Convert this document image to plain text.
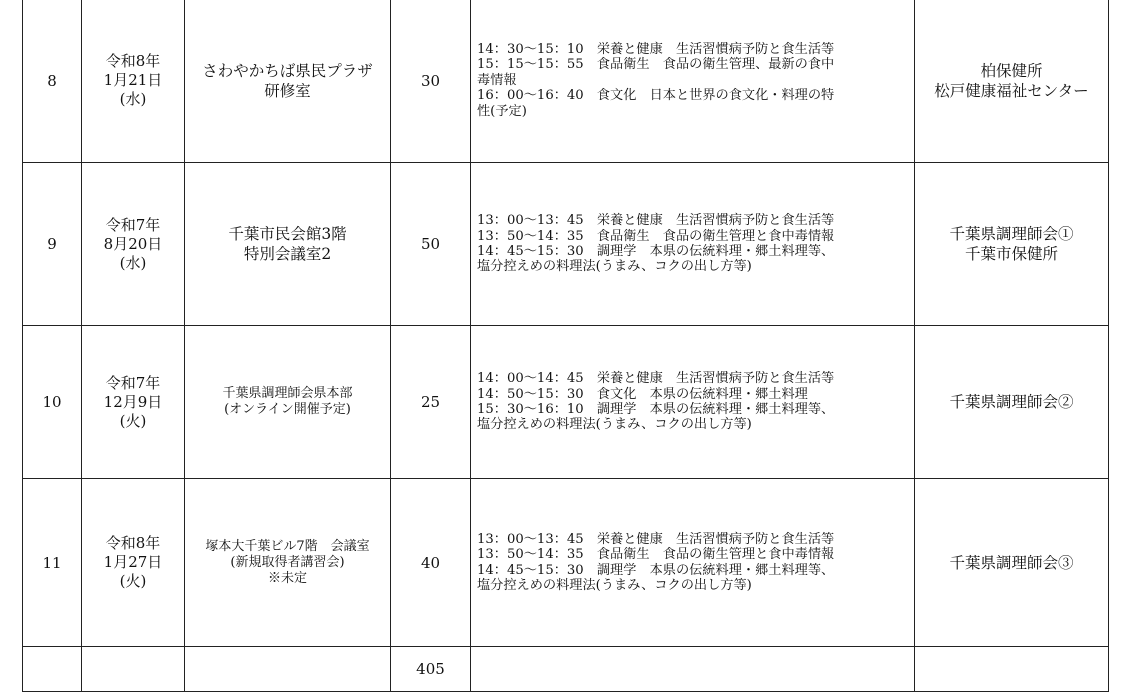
8	令和8年
1月21日
(水)	さわやかちば県民プラザ
研修室	30	14：30〜15：10　栄養と健康　生活習慣病予防と食生活等
15：15〜15：55　食品衛生　食品の衛生管理、最新の食中
毒情報
16：00〜16：40　食文化　日本と世界の食文化・料理の特
性(予定)	柏保健所
松戸健康福祉センター

9	令和7年
8月20日
(水)	千葉市民会館3階
特別会議室2	50	13：00〜13：45　栄養と健康　生活習慣病予防と食生活等
13：50〜14：35　食品衛生　食品の衛生管理と食中毒情報
14：45〜15：30　調理学　本県の伝統料理・郷土料理等、
塩分控えめの料理法(うまみ、コクの出し方等)	千葉県調理師会①
千葉市保健所

10	令和7年
12月9日
(火)	千葉県調理師会県本部
(オンライン開催予定)	25	14：00〜14：45　栄養と健康　生活習慣病予防と食生活等
14：50〜15：30　食文化　本県の伝統料理・郷土料理
15：30〜16：10　調理学　本県の伝統料理・郷土料理等、
塩分控えめの料理法(うまみ、コクの出し方等)	千葉県調理師会②

11	令和8年
1月27日
(火)	塚本大千葉ビル7階　会議室
(新規取得者講習会)
※未定	40	13：00〜13：45　栄養と健康　生活習慣病予防と食生活等
13：50〜14：35　食品衛生　食品の衛生管理と食中毒情報
14：45〜15：30　調理学　本県の伝統料理・郷土料理等、
塩分控えめの料理法(うまみ、コクの出し方等)	千葉県調理師会③

			405		
